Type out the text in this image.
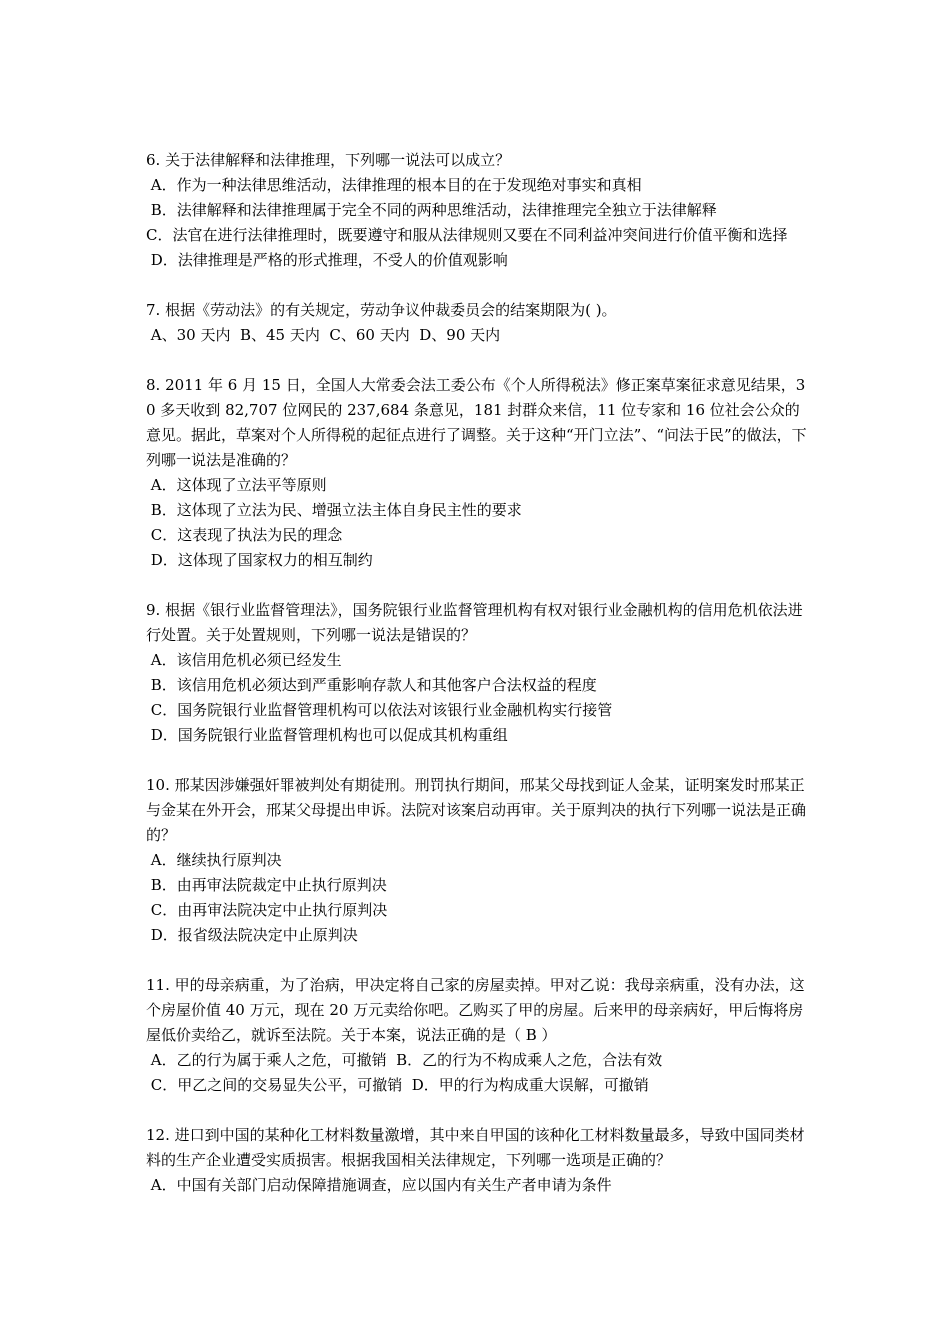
6. 关于法律解释和法律推理，下列哪一说法可以成立？
A．作为一种法律思维活动，法律推理的根本目的在于发现绝对事实和真相
B．法律解释和法律推理属于完全不同的两种思维活动，法律推理完全独立于法律解释
C．法官在进行法律推理时，既要遵守和服从法律规则又要在不同利益冲突间进行价值平衡和选择
D．法律推理是严格的形式推理，不受人的价值观影响
7. 根据《劳动法》的有关规定，劳动争议仲裁委员会的结案期限为( )。
A、30 天内  B、45 天内  C、60 天内  D、90 天内
8. 2011 年 6 月 15 日，全国人大常委会法工委公布《个人所得税法》修正案草案征求意见结果，30 多天收到 82,707 位网民的 237,684 条意见，181 封群众来信，11 位专家和 16 位社会公众的意见。据此，草案对个人所得税的起征点进行了调整。关于这种“开门立法”、“问法于民”的做法，下列哪一说法是准确的？
A．这体现了立法平等原则
B．这体现了立法为民、增强立法主体自身民主性的要求
C．这表现了执法为民的理念
D．这体现了国家权力的相互制约
9. 根据《银行业监督管理法》，国务院银行业监督管理机构有权对银行业金融机构的信用危机依法进行处置。关于处置规则，下列哪一说法是错误的？
A．该信用危机必须已经发生
B．该信用危机必须达到严重影响存款人和其他客户合法权益的程度
C．国务院银行业监督管理机构可以依法对该银行业金融机构实行接管
D．国务院银行业监督管理机构也可以促成其机构重组
10. 邢某因涉嫌强奸罪被判处有期徒刑。刑罚执行期间，邢某父母找到证人金某，证明案发时邢某正与金某在外开会，邢某父母提出申诉。法院对该案启动再审。关于原判决的执行下列哪一说法是正确的？
A．继续执行原判决
B．由再审法院裁定中止执行原判决
C．由再审法院决定中止执行原判决
D．报省级法院决定中止原判决
11. 甲的母亲病重，为了治病，甲决定将自己家的房屋卖掉。甲对乙说：我母亲病重，没有办法，这个房屋价值 40 万元，现在 20 万元卖给你吧。乙购买了甲的房屋。后来甲的母亲病好，甲后悔将房屋低价卖给乙，就诉至法院。关于本案，说法正确的是（ B ）
A．乙的行为属于乘人之危，可撤销  B．乙的行为不构成乘人之危，合法有效
C．甲乙之间的交易显失公平，可撤销  D．甲的行为构成重大误解，可撤销
12. 进口到中国的某种化工材料数量激增，其中来自甲国的该种化工材料数量最多，导致中国同类材料的生产企业遭受实质损害。根据我国相关法律规定，下列哪一选项是正确的？
A．中国有关部门启动保障措施调查，应以国内有关生产者申请为条件
